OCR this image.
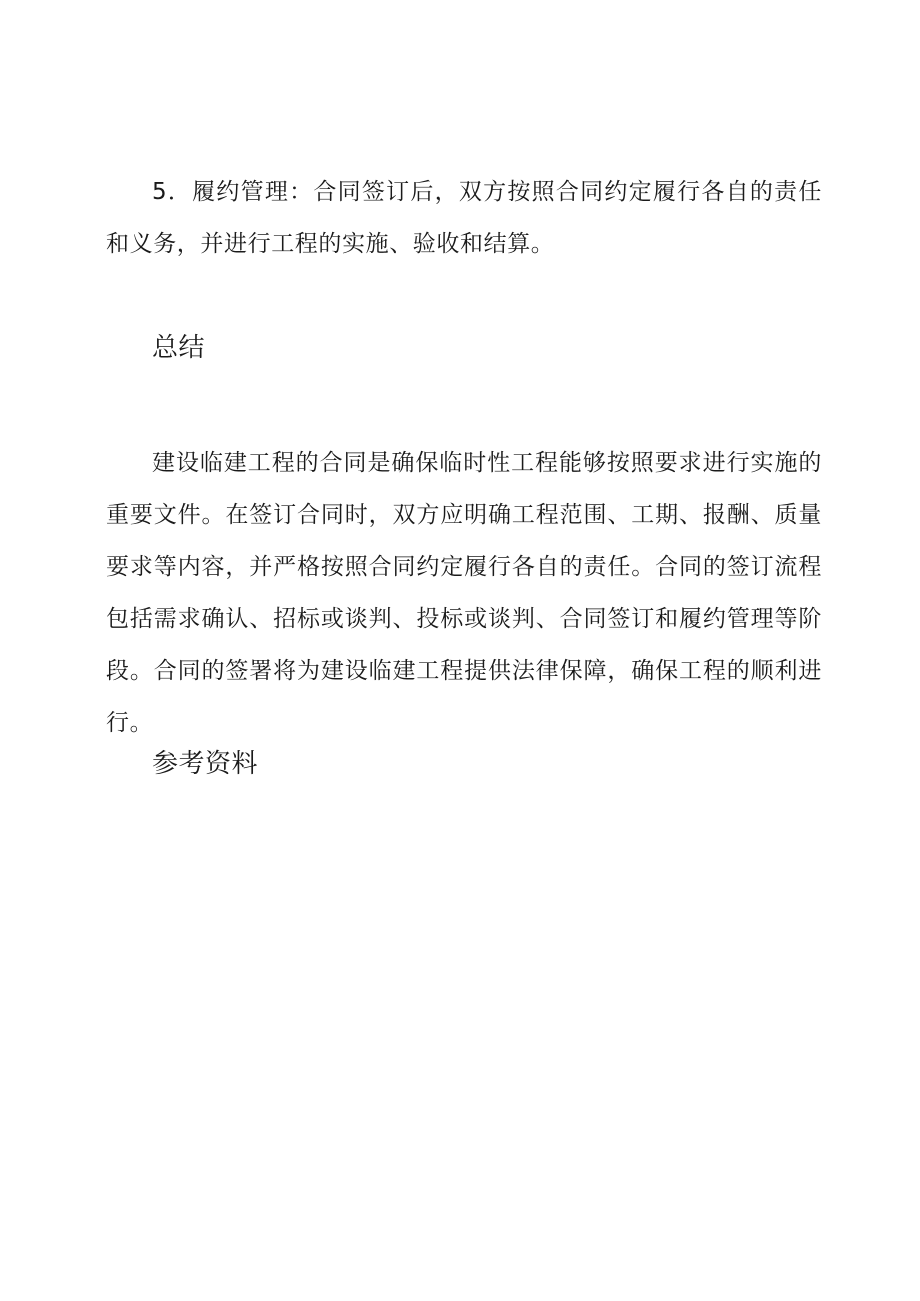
5．履约管理：合同签订后，双方按照合同约定履行各自的责任和义务，并进行工程的实施、验收和结算。

总结

建设临建工程的合同是确保临时性工程能够按照要求进行实施的重要文件。在签订合同时，双方应明确工程范围、工期、报酬、质量要求等内容，并严格按照合同约定履行各自的责任。合同的签订流程包括需求确认、招标或谈判、投标或谈判、合同签订和履约管理等阶段。合同的签署将为建设临建工程提供法律保障，确保工程的顺利进行。

参考资料
